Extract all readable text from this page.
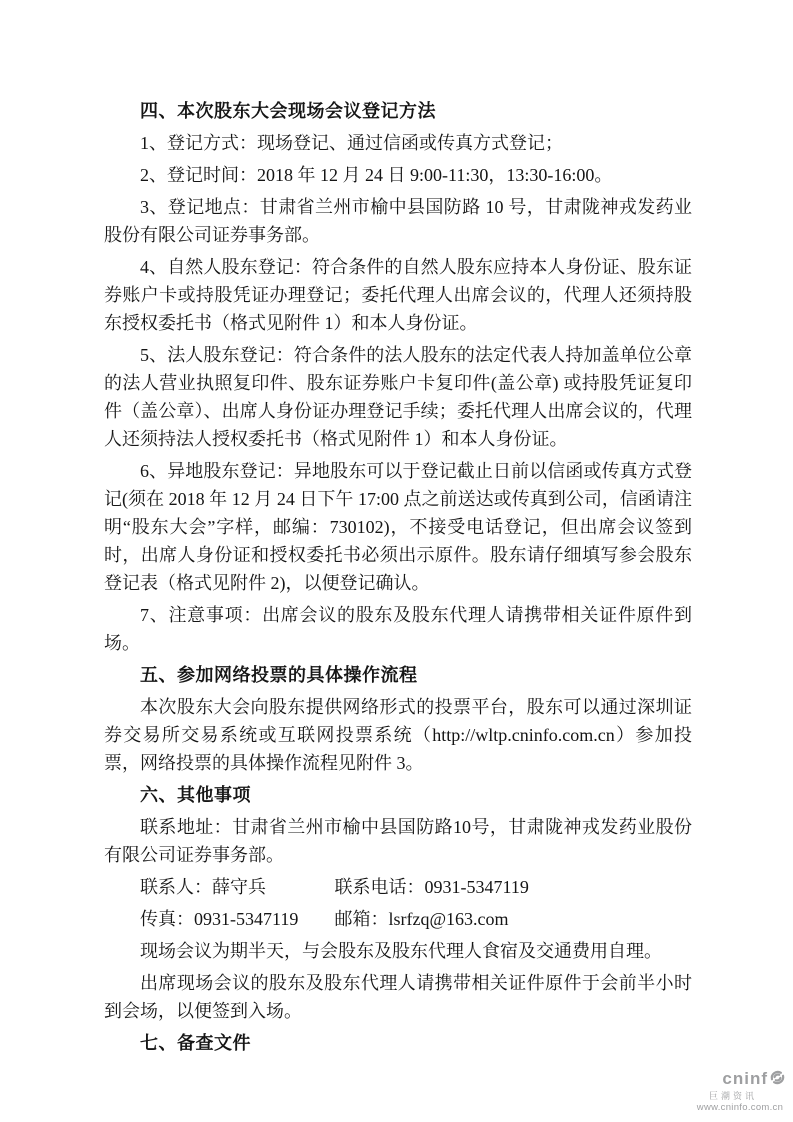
四、本次股东大会现场会议登记方法

1、登记方式：现场登记、通过信函或传真方式登记；

2、登记时间：2018 年 12 月 24 日 9:00-11:30，13:30-16:00。

3、登记地点：甘肃省兰州市榆中县国防路 10 号，甘肃陇神戎发药业股份有限公司证券事务部。

4、自然人股东登记：符合条件的自然人股东应持本人身份证、股东证券账户卡或持股凭证办理登记；委托代理人出席会议的，代理人还须持股东授权委托书（格式见附件 1）和本人身份证。

5、法人股东登记：符合条件的法人股东的法定代表人持加盖单位公章的法人营业执照复印件、股东证券账户卡复印件(盖公章) 或持股凭证复印件（盖公章）、出席人身份证办理登记手续；委托代理人出席会议的，代理人还须持法人授权委托书（格式见附件 1）和本人身份证。

6、异地股东登记：异地股东可以于登记截止日前以信函或传真方式登记(须在 2018 年 12 月 24 日下午 17:00 点之前送达或传真到公司，信函请注明“股东大会”字样，邮编：730102)，不接受电话登记，但出席会议签到时，出席人身份证和授权委托书必须出示原件。股东请仔细填写参会股东登记表（格式见附件 2)，以便登记确认。

7、注意事项：出席会议的股东及股东代理人请携带相关证件原件到场。

五、参加网络投票的具体操作流程

本次股东大会向股东提供网络形式的投票平台，股东可以通过深圳证券交易所交易系统或互联网投票系统（http://wltp.cninfo.com.cn）参加投票，网络投票的具体操作流程见附件 3。

六、其他事项

联系地址：甘肃省兰州市榆中县国防路10号，甘肃陇神戎发药业股份有限公司证券事务部。

联系人：薛守兵	联系电话：0931-5347119
传真：0931-5347119 邮箱：lsrfzq@163.com

现场会议为期半天，与会股东及股东代理人食宿及交通费用自理。

出席现场会议的股东及股东代理人请携带相关证件原件于会前半小时到会场，以便签到入场。

七、备查文件
cninf
巨潮资讯
www.cninfo.com.cn
